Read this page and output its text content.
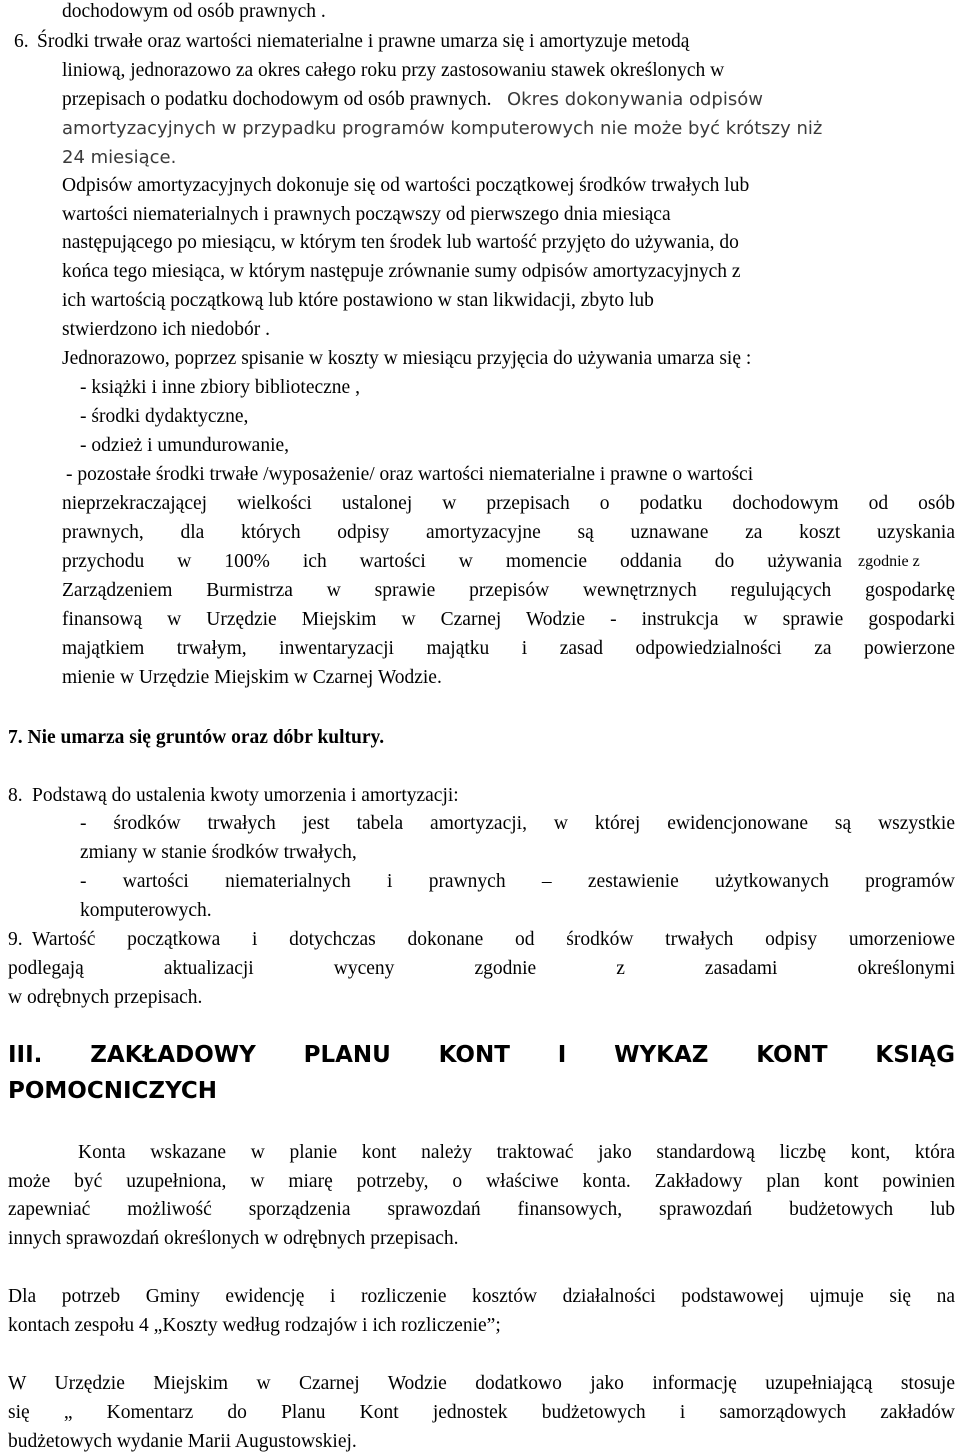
dochodowym od osób prawnych .
6. Środki trwałe oraz wartości niematerialne i prawne umarza się i amortyzuje metodą
liniową, jednorazowo za okres całego roku przy zastosowaniu stawek określonych w
przepisach o podatku dochodowym od osób prawnych. Okres dokonywania odpisów
amortyzacyjnych w przypadku programów komputerowych nie może być krótszy niż
24 miesiące.
Odpisów amortyzacyjnych dokonuje się od wartości początkowej środków trwałych lub
wartości niematerialnych i prawnych począwszy od pierwszego dnia miesiąca
następującego po miesiącu, w którym ten środek lub wartość przyjęto do używania, do
końca tego miesiąca, w którym następuje zrównanie sumy odpisów amortyzacyjnych z
ich wartością początkową lub które postawiono w stan likwidacji, zbyto lub
stwierdzono ich niedobór .
Jednorazowo, poprzez spisanie w koszty w miesiącu przyjęcia do używania umarza się :
- książki i inne zbiory biblioteczne ,
- środki dydaktyczne,
- odzież i umundurowanie,
- pozostałe środki trwałe /wyposażenie/ oraz wartości niematerialne i prawne o wartości
nieprzekraczającej wielkości ustalonej w przepisach o podatku dochodowym od osób
prawnych, dla których odpisy amortyzacyjne są uznawane za koszt uzyskania
przychodu w 100% ich wartości w momencie oddania do używania zgodnie z
Zarządzeniem Burmistrza w sprawie przepisów wewnętrznych regulujących gospodarkę
finansową w Urzędzie Miejskim w Czarnej Wodzie - instrukcja w sprawie gospodarki
majątkiem trwałym, inwentaryzacji majątku i zasad odpowiedzialności za powierzone
mienie w Urzędzie Miejskim w Czarnej Wodzie.
7. Nie umarza się gruntów oraz dóbr kultury.
8. Podstawą do ustalenia kwoty umorzenia i amortyzacji:
- środków trwałych jest tabela amortyzacji, w której ewidencjonowane są wszystkie
zmiany w stanie środków trwałych,
- wartości niematerialnych i prawnych – zestawienie użytkowanych programów
komputerowych.
9. Wartość początkowa i dotychczas dokonane od środków trwałych odpisy umorzeniowe
podlegają aktualizacji wyceny zgodnie z zasadami określonymi
w odrębnych przepisach.
III. ZAKŁADOWY PLANU KONT I WYKAZ KONT KSIĄG
POMOCNICZYCH
Konta wskazane w planie kont należy traktować jako standardową liczbę kont, która
może być uzupełniona, w miarę potrzeby, o właściwe konta. Zakładowy plan kont powinien
zapewniać możliwość sporządzenia sprawozdań finansowych, sprawozdań budżetowych lub
innych sprawozdań określonych w odrębnych przepisach.
Dla potrzeb Gminy ewidencję i rozliczenie kosztów działalności podstawowej ujmuje się na
kontach zespołu 4 „Koszty według rodzajów i ich rozliczenie”;
W Urzędzie Miejskim w Czarnej Wodzie dodatkowo jako informację uzupełniającą stosuje
się „ Komentarz do Planu Kont jednostek budżetowych i samorządowych zakładów
budżetowych wydanie Marii Augustowskiej.
